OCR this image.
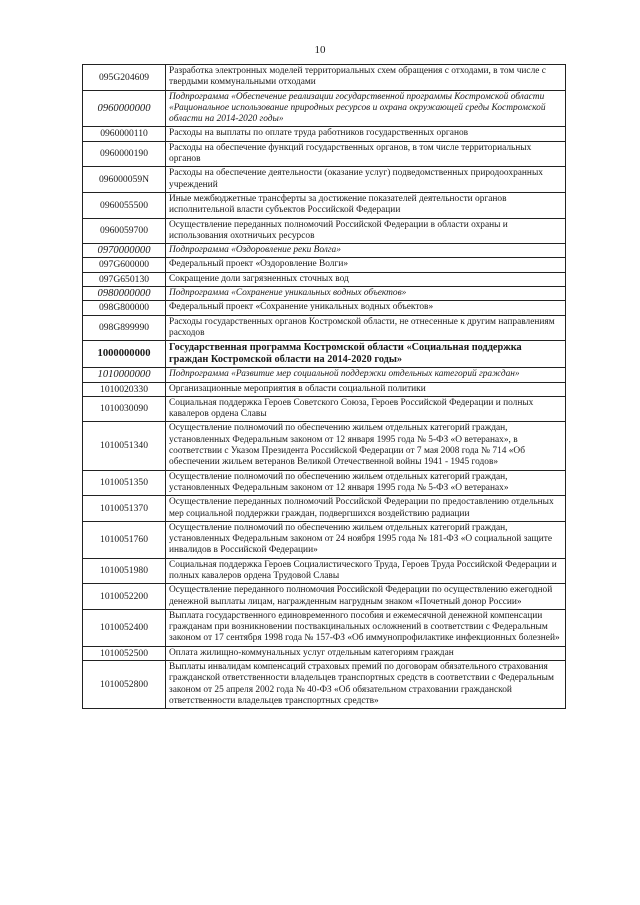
10
095G204609	Разработка электронных моделей территориальных схем обращения с отходами, в том числе с твердыми коммунальными отходами
0960000000	Подпрограмма «Обеспечение реализации государственной программы Костромской области «Рациональное использование природных ресурсов и охрана окружающей среды Костромской области на 2014-2020 годы»
0960000110	Расходы на выплаты по оплате труда работников государственных органов
0960000190	Расходы на обеспечение функций государственных органов, в том числе территориальных органов
096000059N	Расходы на обеспечение деятельности (оказание услуг) подведомственных природоохранных учреждений
0960055500	Иные межбюджетные трансферты за достижение показателей деятельности органов исполнительной власти субъектов Российской Федерации
0960059700	Осуществление переданных полномочий Российской Федерации в области охраны и использования охотничьих ресурсов
0970000000	Подпрограмма «Оздоровление реки Волга»
097G600000	Федеральный проект «Оздоровление Волги»
097G650130	Сокращение доли загрязненных сточных вод
0980000000	Подпрограмма «Сохранение уникальных водных объектов»
098G800000	Федеральный проект «Сохранение уникальных водных объектов»
098G899990	Расходы государственных органов Костромской области, не отнесенные к другим направлениям расходов
1000000000	Государственная программа Костромской области «Социальная поддержка граждан Костромской области на 2014-2020 годы»
1010000000	Подпрограмма «Развитие мер социальной поддержки отдельных категорий граждан»
1010020330	Организационные мероприятия в области социальной политики
1010030090	Социальная поддержка Героев Советского Союза, Героев Российской Федерации и полных кавалеров ордена Славы
1010051340	Осуществление полномочий по обеспечению жильем отдельных категорий граждан, установленных Федеральным законом от 12 января 1995 года № 5-ФЗ «О ветеранах», в соответствии с Указом Президента Российской Федерации от 7 мая 2008 года № 714 «Об обеспечении жильем ветеранов Великой Отечественной войны 1941 - 1945 годов»
1010051350	Осуществление полномочий по обеспечению жильем отдельных категорий граждан, установленных Федеральным законом от 12 января 1995 года № 5-ФЗ «О ветеранах»
1010051370	Осуществление переданных полномочий Российской Федерации по предоставлению отдельных мер социальной поддержки граждан, подвергшихся воздействию радиации
1010051760	Осуществление полномочий по обеспечению жильем отдельных категорий граждан, установленных Федеральным законом от 24 ноября 1995 года № 181-ФЗ «О социальной защите инвалидов в Российской Федерации»
1010051980	Социальная поддержка Героев Социалистического Труда, Героев Труда Российской Федерации и полных кавалеров ордена Трудовой Славы
1010052200	Осуществление переданного полномочия Российской Федерации по осуществлению ежегодной денежной выплаты лицам, награжденным нагрудным знаком «Почетный донор России»
1010052400	Выплата государственного единовременного пособия и ежемесячной денежной компенсации гражданам при возникновении поствакцинальных осложнений в соответствии с Федеральным законом от 17 сентября 1998 года № 157-ФЗ «Об иммунопрофилактике инфекционных болезней»
1010052500	Оплата жилищно-коммунальных услуг отдельным категориям граждан
1010052800	Выплаты инвалидам компенсаций страховых премий по договорам обязательного страхования гражданской ответственности владельцев транспортных средств в соответствии с Федеральным законом от 25 апреля 2002 года № 40-ФЗ «Об обязательном страховании гражданской ответственности владельцев транспортных средств»
